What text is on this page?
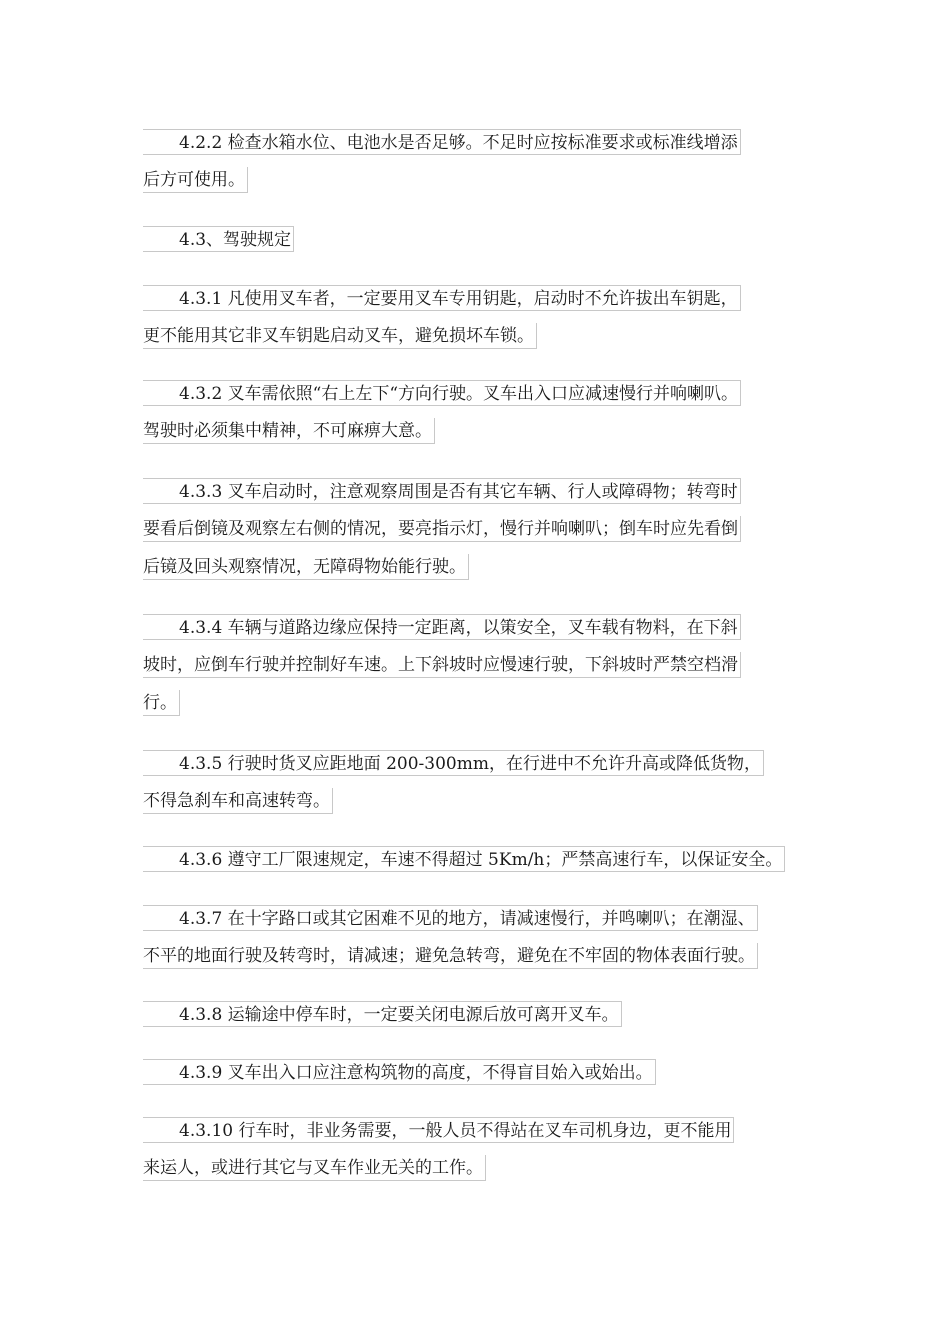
4.2.2 检查水箱水位、电池水是否足够。不足时应按标准要求或标准线增添
后方可使用。
4.3、驾驶规定
4.3.1 凡使用叉车者，一定要用叉车专用钥匙，启动时不允许拔出车钥匙，
更不能用其它非叉车钥匙启动叉车，避免损坏车锁。
4.3.2 叉车需依照“右上左下“方向行驶。叉车出入口应减速慢行并响喇叭。
驾驶时必须集中精神，不可麻痹大意。
4.3.3 叉车启动时，注意观察周围是否有其它车辆、行人或障碍物；转弯时
要看后倒镜及观察左右侧的情况，要亮指示灯，慢行并响喇叭；倒车时应先看倒
后镜及回头观察情况，无障碍物始能行驶。
4.3.4 车辆与道路边缘应保持一定距离，以策安全，叉车载有物料，在下斜
坡时，应倒车行驶并控制好车速。上下斜坡时应慢速行驶，下斜坡时严禁空档滑
行。
4.3.5 行驶时货叉应距地面 200-300mm，在行进中不允许升高或降低货物，
不得急刹车和高速转弯。
4.3.6 遵守工厂限速规定，车速不得超过 5Km/h；严禁高速行车，以保证安全。
4.3.7 在十字路口或其它困难不见的地方，请减速慢行，并鸣喇叭；在潮湿、
不平的地面行驶及转弯时，请减速；避免急转弯，避免在不牢固的物体表面行驶。
4.3.8 运输途中停车时，一定要关闭电源后放可离开叉车。
4.3.9 叉车出入口应注意构筑物的高度，不得盲目始入或始出。
4.3.10 行车时，非业务需要，一般人员不得站在叉车司机身边，更不能用
来运人，或进行其它与叉车作业无关的工作。
